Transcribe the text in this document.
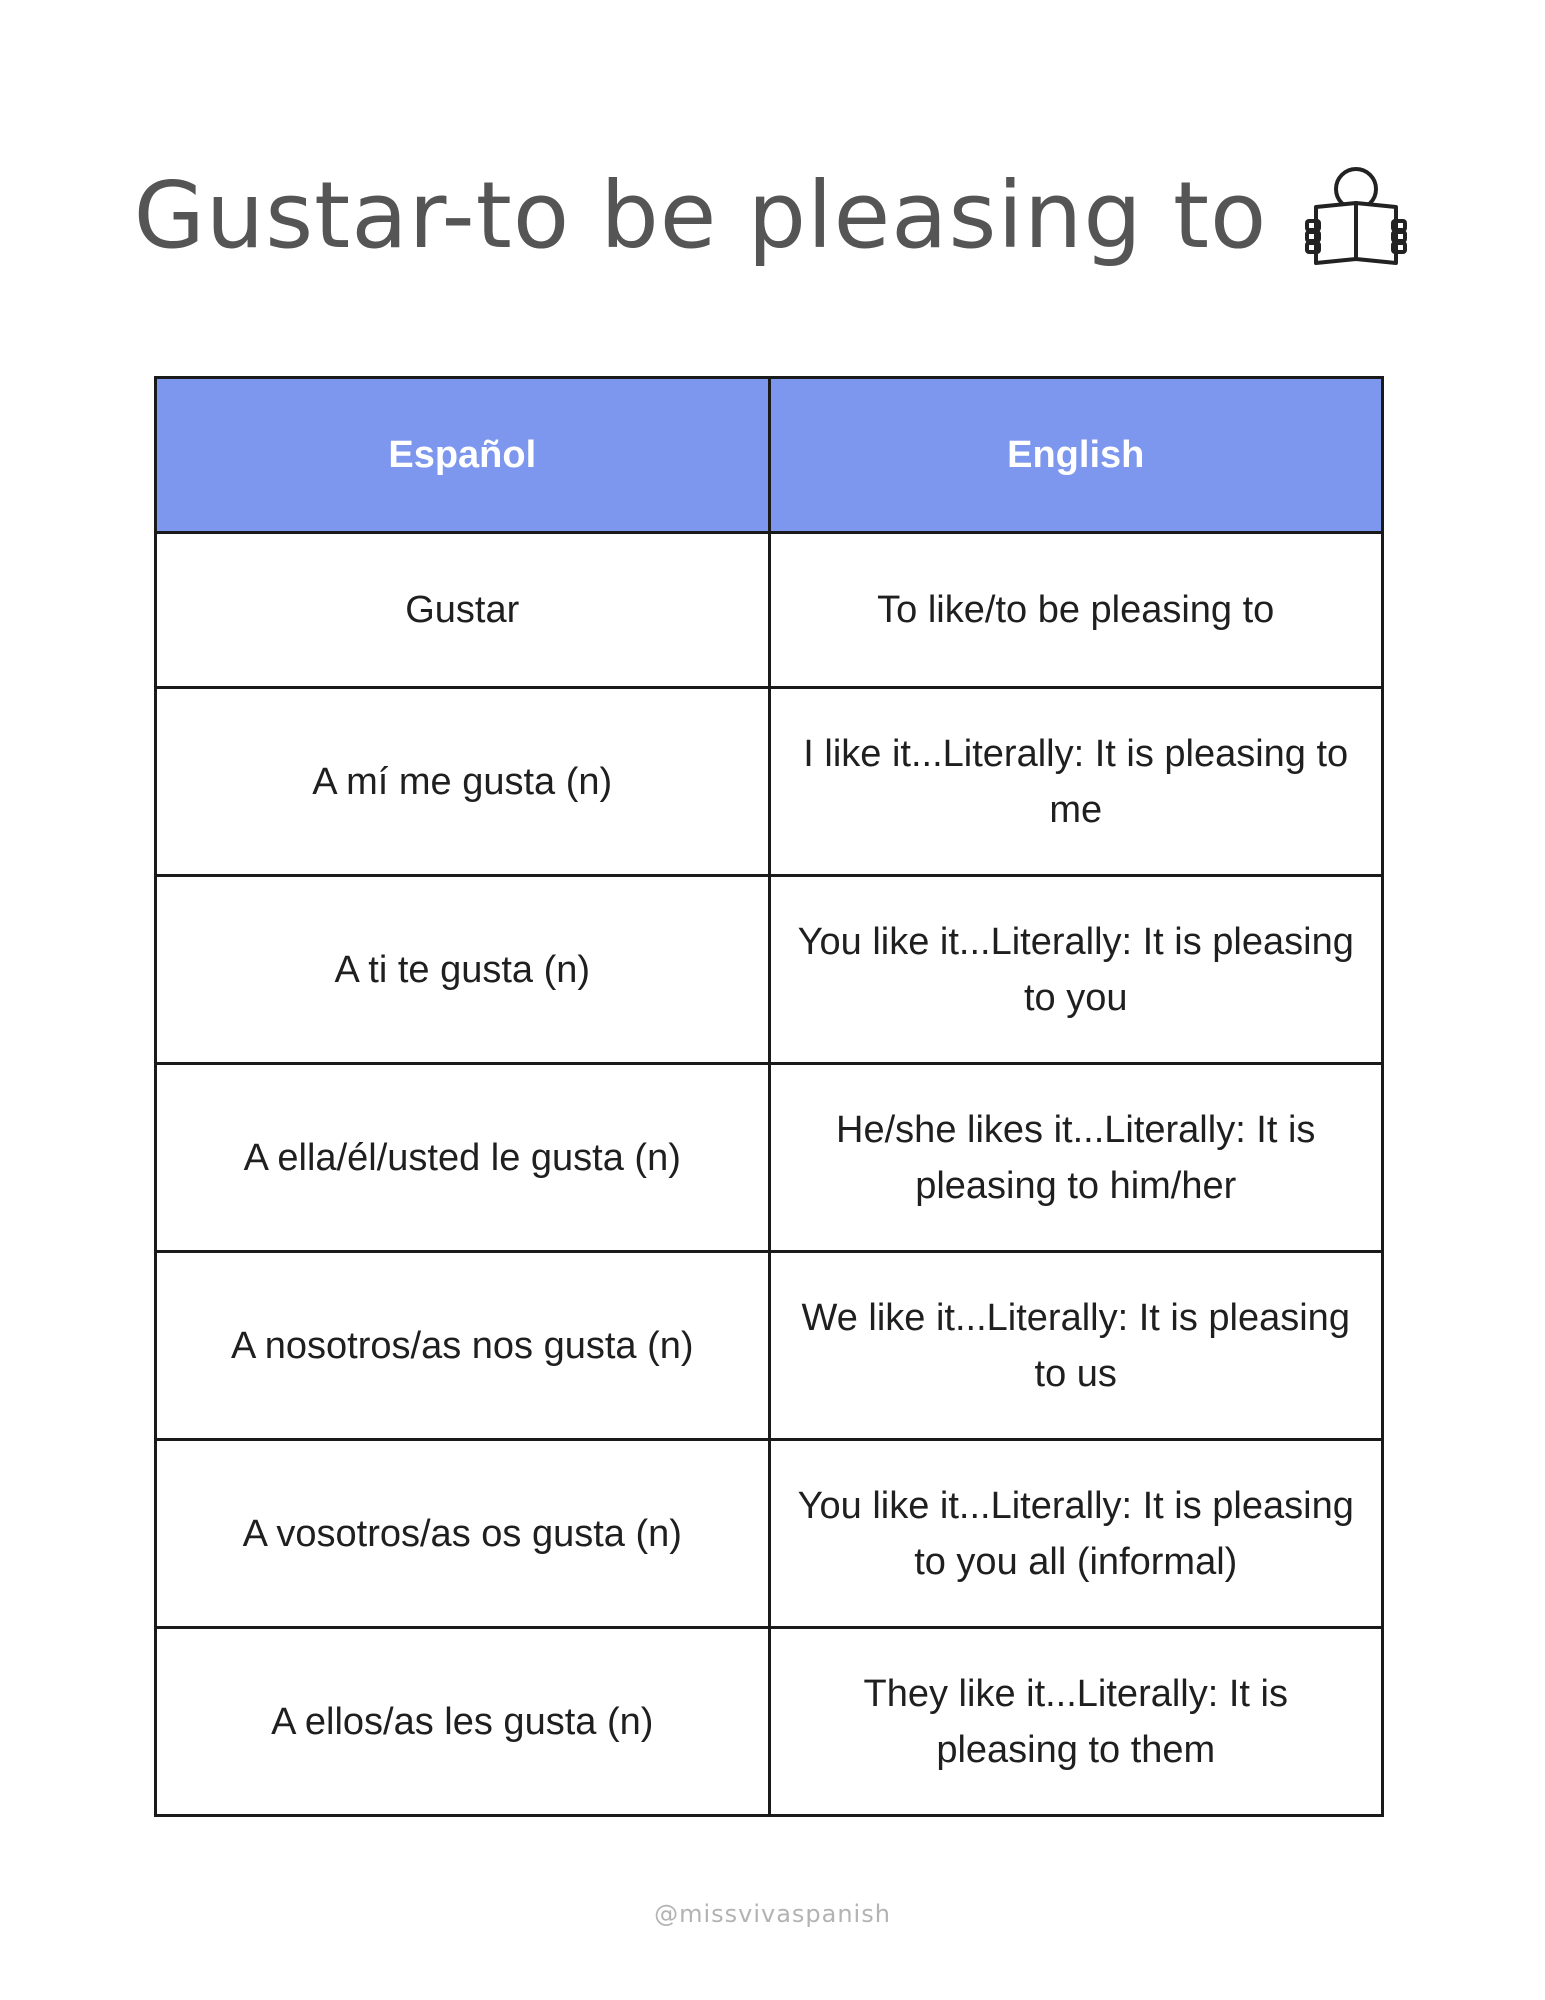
Gustar-to be pleasing to
Español	English
Gustar	To like/to be pleasing to
A mí me gusta (n)	I like it...Literally: It is pleasing to me
A ti te gusta (n)	You like it...Literally: It is pleasing to you
A ella/él/usted le gusta (n)	He/she likes it...Literally: It is pleasing to him/her
A nosotros/as nos gusta (n)	We like it...Literally: It is pleasing to us
A vosotros/as os gusta (n)	You like it...Literally: It is pleasing to you all (informal)
A ellos/as les gusta (n)	They like it...Literally: It is pleasing to them
@missvivaspanish
